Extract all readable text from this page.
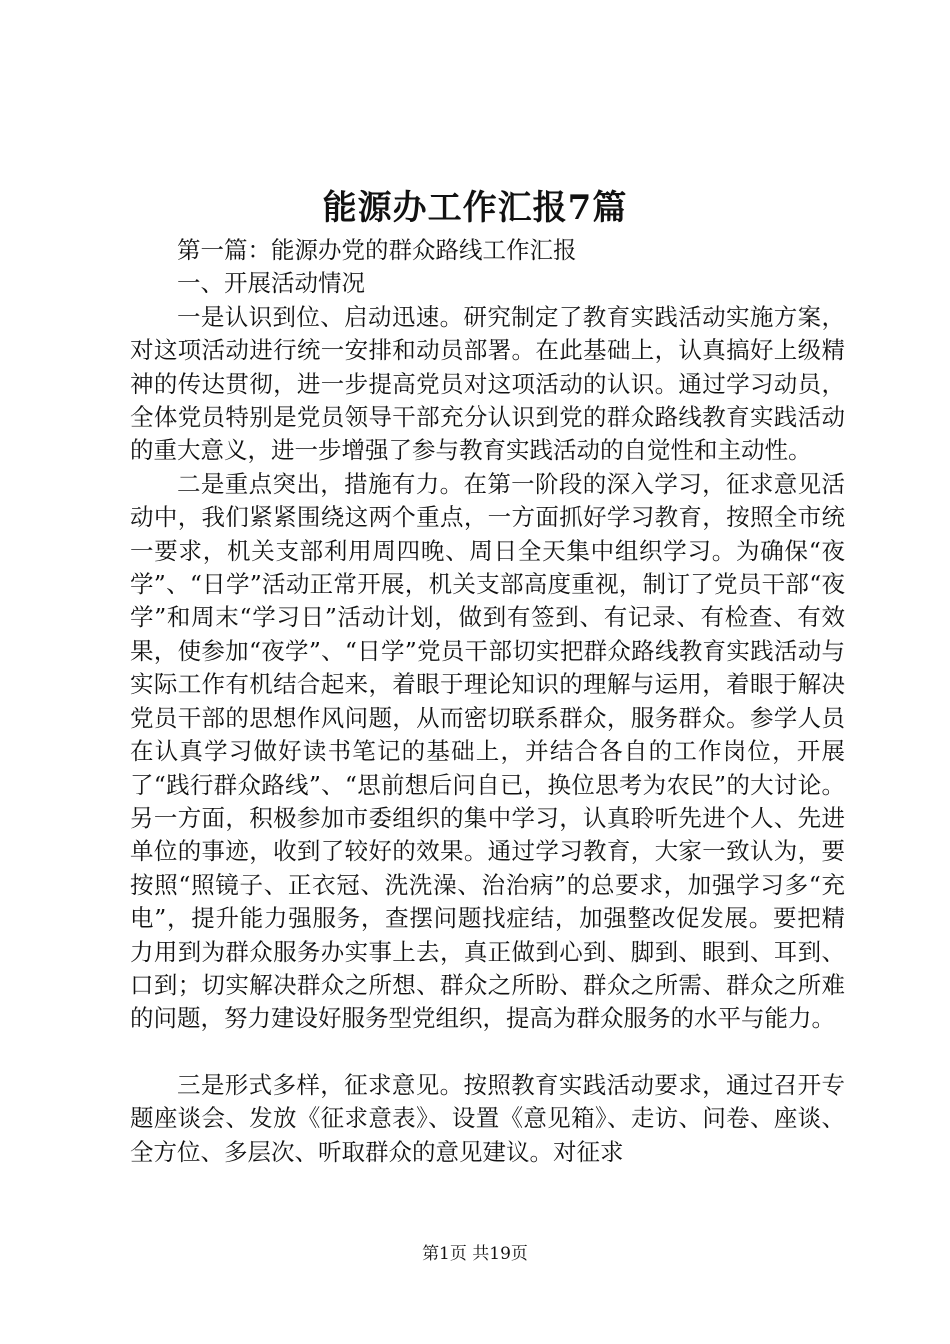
能源办工作汇报7篇

第一篇：能源办党的群众路线工作汇报

一、开展活动情况

一是认识到位、启动迅速。研究制定了教育实践活动实施方案，对这项活动进行统一安排和动员部署。在此基础上，认真搞好上级精神的传达贯彻，进一步提高党员对这项活动的认识。通过学习动员，全体党员特别是党员领导干部充分认识到党的群众路线教育实践活动的重大意义，进一步增强了参与教育实践活动的自觉性和主动性。

二是重点突出，措施有力。在第一阶段的深入学习，征求意见活动中，我们紧紧围绕这两个重点，一方面抓好学习教育，按照全市统一要求，机关支部利用周四晚、周日全天集中组织学习。为确保“夜学”、“日学”活动正常开展，机关支部高度重视，制订了党员干部“夜学”和周末“学习日”活动计划，做到有签到、有记录、有检查、有效果，使参加“夜学”、“日学”党员干部切实把群众路线教育实践活动与实际工作有机结合起来，着眼于理论知识的理解与运用，着眼于解决党员干部的思想作风问题，从而密切联系群众，服务群众。参学人员在认真学习做好读书笔记的基础上，并结合各自的工作岗位，开展了“践行群众路线”、“思前想后问自已，换位思考为农民”的大讨论。另一方面，积极参加市委组织的集中学习，认真聆听先进个人、先进单位的事迹，收到了较好的效果。通过学习教育，大家一致认为，要按照“照镜子、正衣冠、洗洗澡、治治病”的总要求，加强学习多“充电”，提升能力强服务，查摆问题找症结，加强整改促发展。要把精力用到为群众服务办实事上去，真正做到心到、脚到、眼到、耳到、口到；切实解决群众之所想、群众之所盼、群众之所需、群众之所难的问题，努力建设好服务型党组织，提高为群众服务的水平与能力。

三是形式多样，征求意见。按照教育实践活动要求，通过召开专题座谈会、发放《征求意表》、设置《意见箱》、走访、问卷、座谈、全方位、多层次、听取群众的意见建议。对征求

第1页 共19页
